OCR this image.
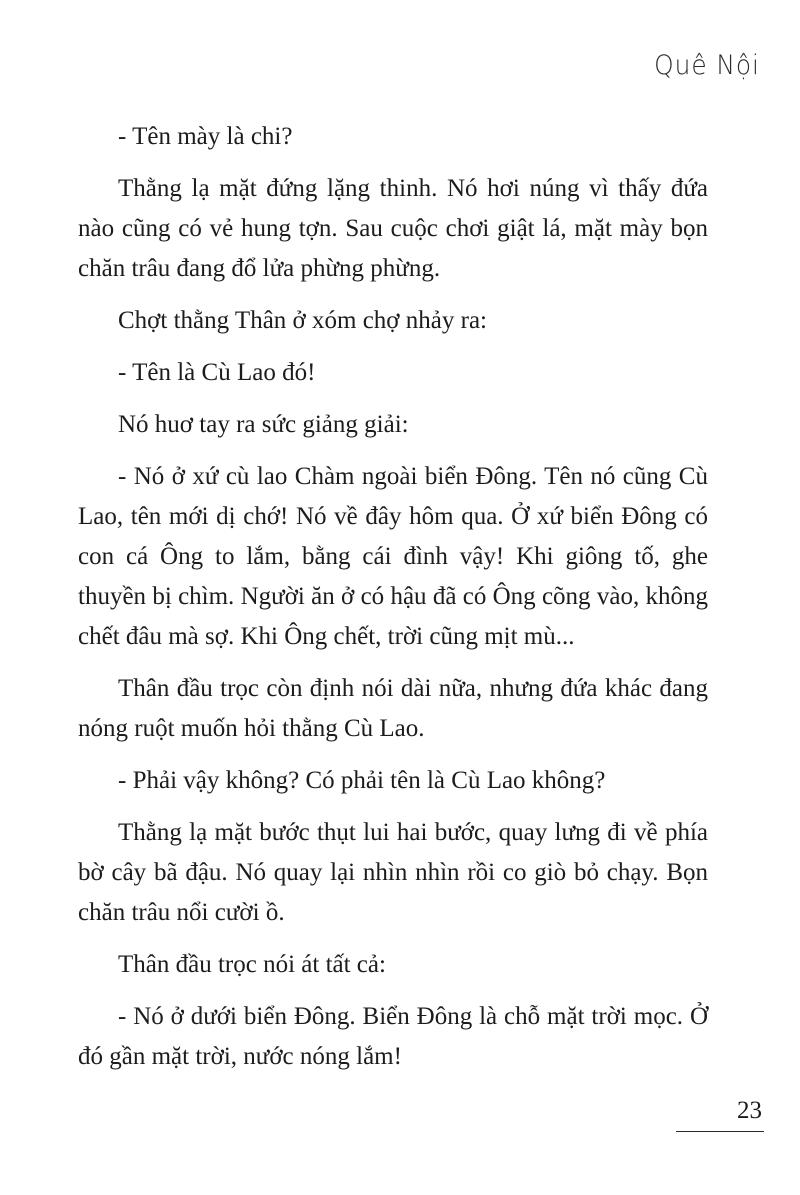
Quê Nội

- Tên mày là chi?

Thằng lạ mặt đứng lặng thinh. Nó hơi núng vì thấy đứa nào cũng có vẻ hung tợn. Sau cuộc chơi giật lá, mặt mày bọn chăn trâu đang đổ lửa phừng phừng.

Chợt thằng Thân ở xóm chợ nhảy ra:

- Tên là Cù Lao đó!

Nó huơ tay ra sức giảng giải:

- Nó ở xứ cù lao Chàm ngoài biển Đông. Tên nó cũng Cù Lao, tên mới dị chớ! Nó về đây hôm qua. Ở xứ biển Đông có con cá Ông to lắm, bằng cái đình vậy! Khi giông tố, ghe thuyền bị chìm. Người ăn ở có hậu đã có Ông cõng vào, không chết đâu mà sợ. Khi Ông chết, trời cũng mịt mù...

Thân đầu trọc còn định nói dài nữa, nhưng đứa khác đang nóng ruột muốn hỏi thằng Cù Lao.

- Phải vậy không? Có phải tên là Cù Lao không?

Thằng lạ mặt bước thụt lui hai bước, quay lưng đi về phía bờ cây bã đậu. Nó quay lại nhìn nhìn rồi co giò bỏ chạy. Bọn chăn trâu nổi cười ồ.

Thân đầu trọc nói át tất cả:

- Nó ở dưới biển Đông. Biển Đông là chỗ mặt trời mọc. Ở đó gần mặt trời, nước nóng lắm!

23
